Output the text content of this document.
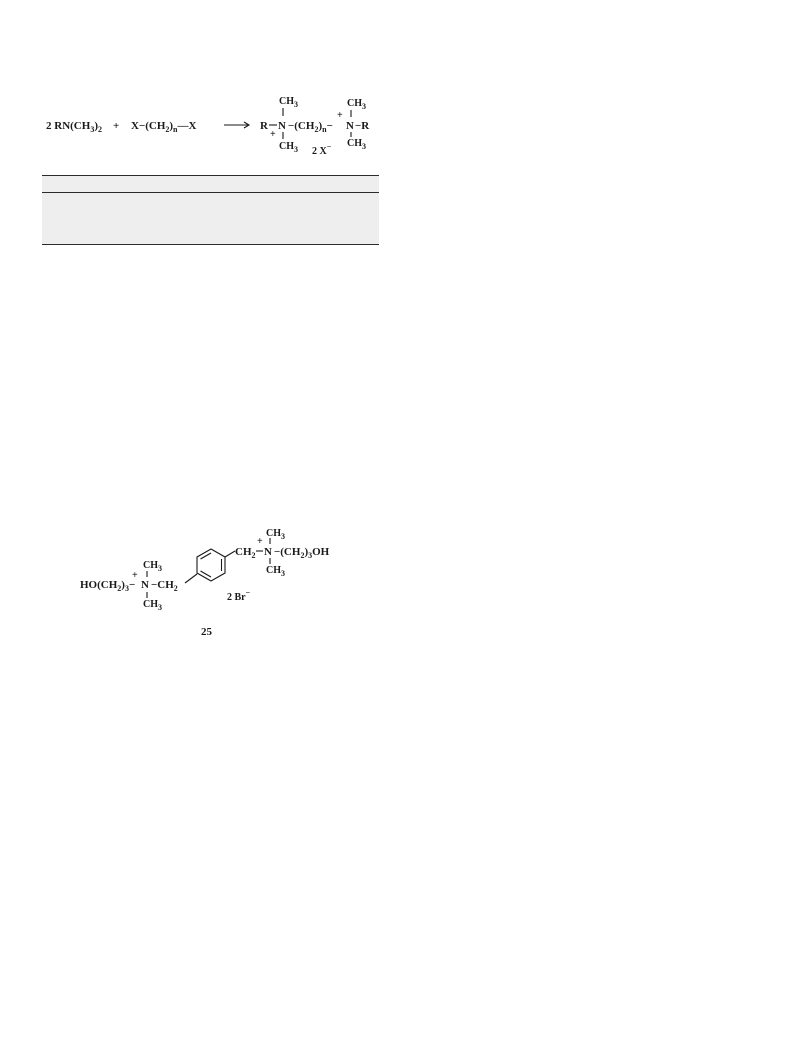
2 $RN(CH_3)_2$ + $X-(CH_2)_n—X$	R N
$CH_3$
$CH_3$
+
$-(CH_2)_n- N -R$
+
$CH_3$
$CH_3$
2 X−
$HO(CH_2)_3- N$
+
$CH_3$
$CH_3$
$-CH_2$
$CH_2$ N
+
$CH_3$
$CH_3$
$-(CH_2)_3OH$
2 Br−
25
